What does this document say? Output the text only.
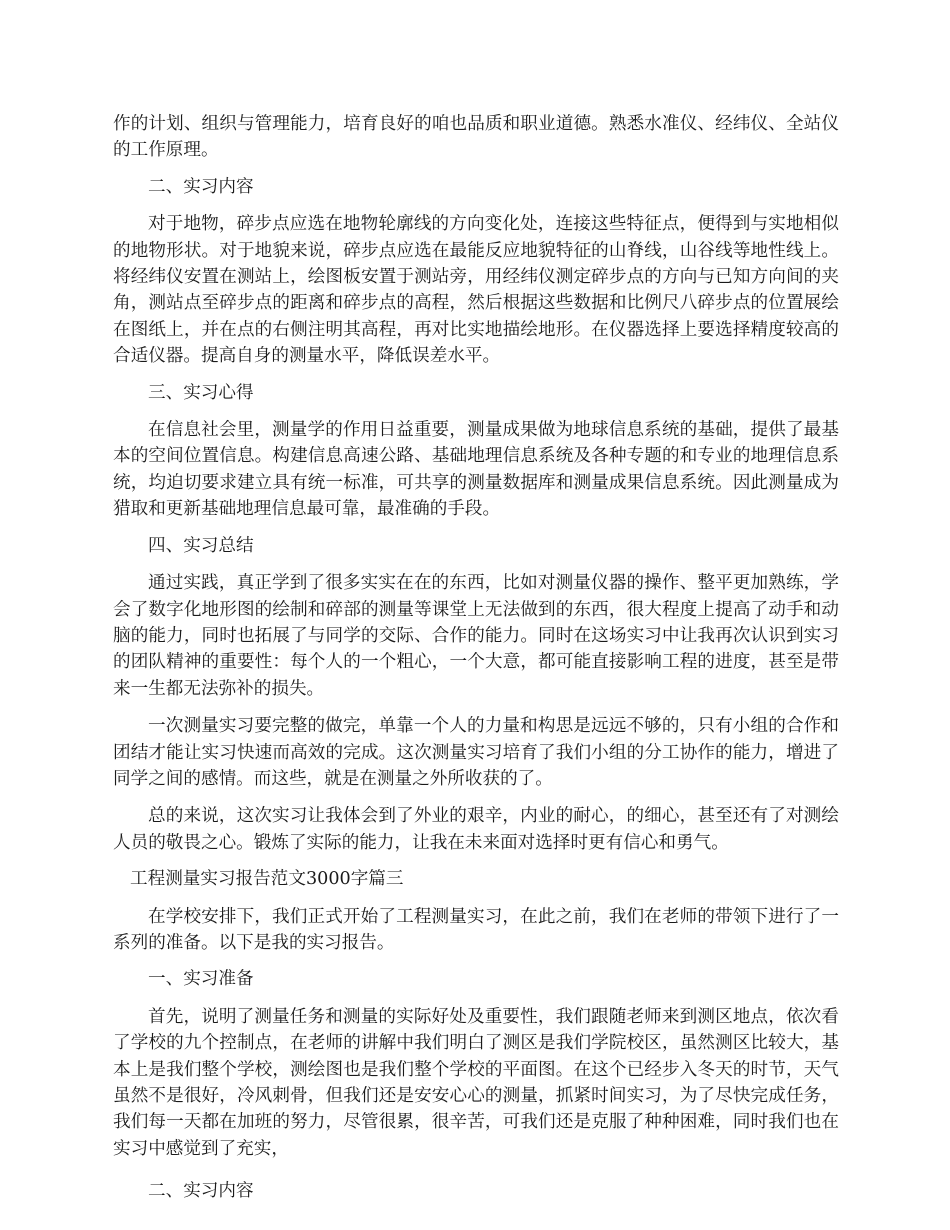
作的计划、组织与管理能力，培育良好的咱也品质和职业道德。熟悉水准仪、经纬仪、全站仪的工作原理。

二、实习内容

对于地物，碎步点应选在地物轮廓线的方向变化处，连接这些特征点，便得到与实地相似的地物形状。对于地貌来说，碎步点应选在最能反应地貌特征的山脊线，山谷线等地性线上。将经纬仪安置在测站上，绘图板安置于测站旁，用经纬仪测定碎步点的方向与已知方向间的夹角，测站点至碎步点的距离和碎步点的高程，然后根据这些数据和比例尺八碎步点的位置展绘在图纸上，并在点的右侧注明其高程，再对比实地描绘地形。在仪器选择上要选择精度较高的合适仪器。提高自身的测量水平，降低误差水平。

三、实习心得

在信息社会里，测量学的作用日益重要，测量成果做为地球信息系统的基础，提供了最基本的空间位置信息。构建信息高速公路、基础地理信息系统及各种专题的和专业的地理信息系统，均迫切要求建立具有统一标准，可共享的测量数据库和测量成果信息系统。因此测量成为猎取和更新基础地理信息最可靠，最准确的手段。

四、实习总结

通过实践，真正学到了很多实实在在的东西，比如对测量仪器的操作、整平更加熟练，学会了数字化地形图的绘制和碎部的测量等课堂上无法做到的东西，很大程度上提高了动手和动脑的能力，同时也拓展了与同学的交际、合作的能力。同时在这场实习中让我再次认识到实习的团队精神的重要性：每个人的一个粗心，一个大意，都可能直接影响工程的进度，甚至是带来一生都无法弥补的损失。

一次测量实习要完整的做完，单靠一个人的力量和构思是远远不够的，只有小组的合作和团结才能让实习快速而高效的完成。这次测量实习培育了我们小组的分工协作的能力，增进了同学之间的感情。而这些，就是在测量之外所收获的了。

总的来说，这次实习让我体会到了外业的艰辛，内业的耐心，的细心，甚至还有了对测绘人员的敬畏之心。锻炼了实际的能力，让我在未来面对选择时更有信心和勇气。

工程测量实习报告范文3000字篇三

在学校安排下，我们正式开始了工程测量实习，在此之前，我们在老师的带领下进行了一系列的准备。以下是我的实习报告。

一、实习准备

首先，说明了测量任务和测量的实际好处及重要性，我们跟随老师来到测区地点，依次看了学校的九个控制点，在老师的讲解中我们明白了测区是我们学院校区，虽然测区比较大，基本上是我们整个学校，测绘图也是我们整个学校的平面图。在这个已经步入冬天的时节，天气虽然不是很好，冷风刺骨，但我们还是安安心心的测量，抓紧时间实习，为了尽快完成任务，我们每一天都在加班的努力，尽管很累，很辛苦，可我们还是克服了种种困难，同时我们也在实习中感觉到了充实，

二、实习内容
